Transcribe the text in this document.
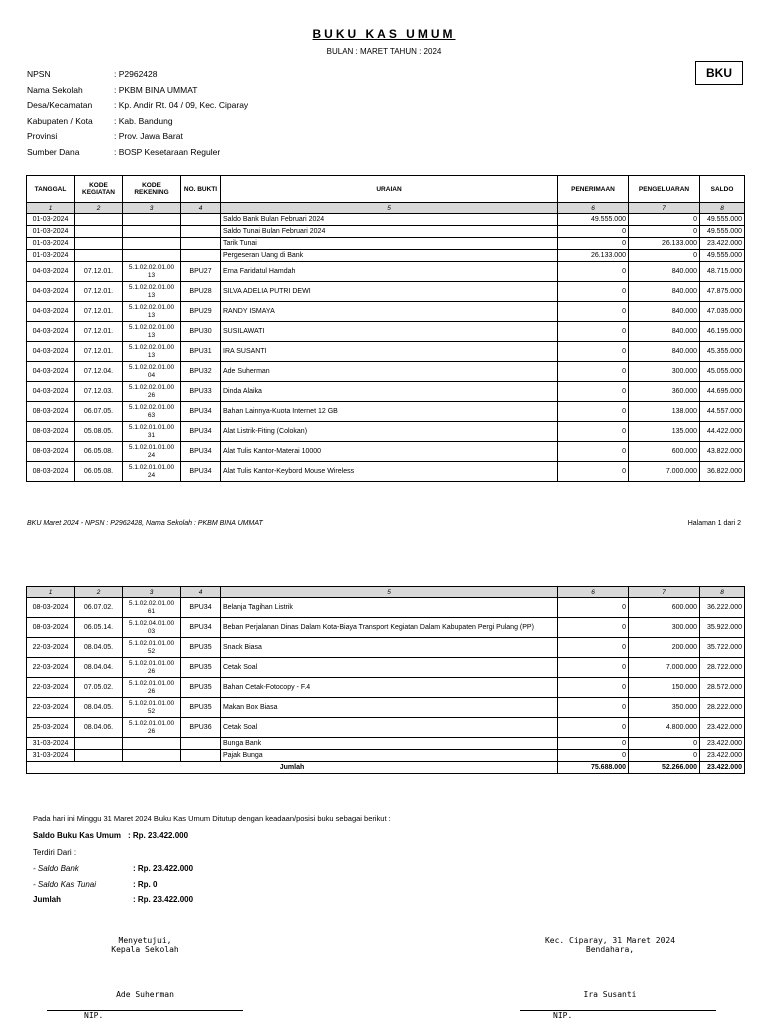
BUKU KAS UMUM
BULAN : MARET TAHUN : 2024
BKU
NPSN	: P2962428
Nama Sekolah	: PKBM BINA UMMAT
Desa/Kecamatan	: Kp. Andir Rt. 04 / 09, Kec. Ciparay
Kabupaten / Kota	: Kab. Bandung
Provinsi	: Prov. Jawa Barat
Sumber Dana	: BOSP Kesetaraan Reguler
TANGGAL	KODE KEGIATAN	KODE REKENING	NO. BUKTI	URAIAN	PENERIMAAN	PENGELUARAN	SALDO
1	2	3	4	5	6	7	8
01-03-2024				Saldo Bank Bulan Februari 2024	49.555.000	0	49.555.000
01-03-2024				Saldo Tunai Bulan Februari 2024	0	0	49.555.000
01-03-2024				Tarik Tunai	0	26.133.000	23.422.000
01-03-2024				Pergeseran Uang di Bank	26.133.000	0	49.555.000
04-03-2024	07.12.01.	5.1.02.02.01.00 13	BPU27	Erna Faridatul Hamdah	0	840.000	48.715.000
04-03-2024	07.12.01.	5.1.02.02.01.00 13	BPU28	SILVA ADELIA PUTRI DEWI	0	840.000	47.875.000
04-03-2024	07.12.01.	5.1.02.02.01.00 13	BPU29	RANDY ISMAYA	0	840.000	47.035.000
04-03-2024	07.12.01.	5.1.02.02.01.00 13	BPU30	SUSILAWATI	0	840.000	46.195.000
04-03-2024	07.12.01.	5.1.02.02.01.00 13	BPU31	IRA SUSANTI	0	840.000	45.355.000
04-03-2024	07.12.04.	5.1.02.02.01.00 04	BPU32	Ade Suherman	0	300.000	45.055.000
04-03-2024	07.12.03.	5.1.02.02.01.00 26	BPU33	Dinda Alaika	0	360.000	44.695.000
08-03-2024	06.07.05.	5.1.02.02.01.00 63	BPU34	Bahan Lainnya-Kuota Internet 12 GB	0	138.000	44.557.000
08-03-2024	05.08.05.	5.1.02.01.01.00 31	BPU34	Alat Listrik-Fiting (Colokan)	0	135.000	44.422.000
08-03-2024	06.05.08.	5.1.02.01.01.00 24	BPU34	Alat Tulis Kantor-Materai 10000	0	600.000	43.822.000
08-03-2024	06.05.08.	5.1.02.01.01.00 24	BPU34	Alat Tulis Kantor-Keybord Mouse Wireless	0	7.000.000	36.822.000
BKU Maret 2024 - NPSN : P2962428, Nama Sekolah : PKBM BINA UMMAT	Halaman 1 dari 2
1	2	3	4	5	6	7	8
08-03-2024	06.07.02.	5.1.02.02.01.00 61	BPU34	Belanja Tagihan Listrik	0	600.000	36.222.000
08-03-2024	06.05.14.	5.1.02.04.01.00 03	BPU34	Beban Perjalanan Dinas Dalam Kota-Biaya Transport Kegiatan Dalam Kabupaten Pergi Pulang (PP)	0	300.000	35.922.000
22-03-2024	08.04.05.	5.1.02.01.01.00 52	BPU35	Snack Biasa	0	200.000	35.722.000
22-03-2024	08.04.04.	5.1.02.01.01.00 26	BPU35	Cetak Soal	0	7.000.000	28.722.000
22-03-2024	07.05.02.	5.1.02.01.01.00 26	BPU35	Bahan Cetak-Fotocopy - F.4	0	150.000	28.572.000
22-03-2024	08.04.05.	5.1.02.01.01.00 52	BPU35	Makan Box Biasa	0	350.000	28.222.000
25-03-2024	08.04.06.	5.1.02.01.01.00 26	BPU36	Cetak Soal	0	4.800.000	23.422.000
31-03-2024				Bunga Bank	0	0	23.422.000
31-03-2024				Pajak Bunga	0	0	23.422.000
Jumlah					75.688.000	52.266.000	23.422.000
Pada hari ini Minggu 31 Maret 2024 Buku Kas Umum Ditutup dengan keadaan/posisi buku sebagai berikut :
Saldo Buku Kas Umum : Rp. 23.422.000
Terdiri Dari :
- Saldo Bank	: Rp. 23.422.000
- Saldo Kas Tunai	: Rp. 0
Jumlah	: Rp. 23.422.000
Menyetujui,
Kepala Sekolah
Ade Suherman
NIP.
Kec. Ciparay, 31 Maret 2024
Bendahara,
Ira Susanti
NIP.
